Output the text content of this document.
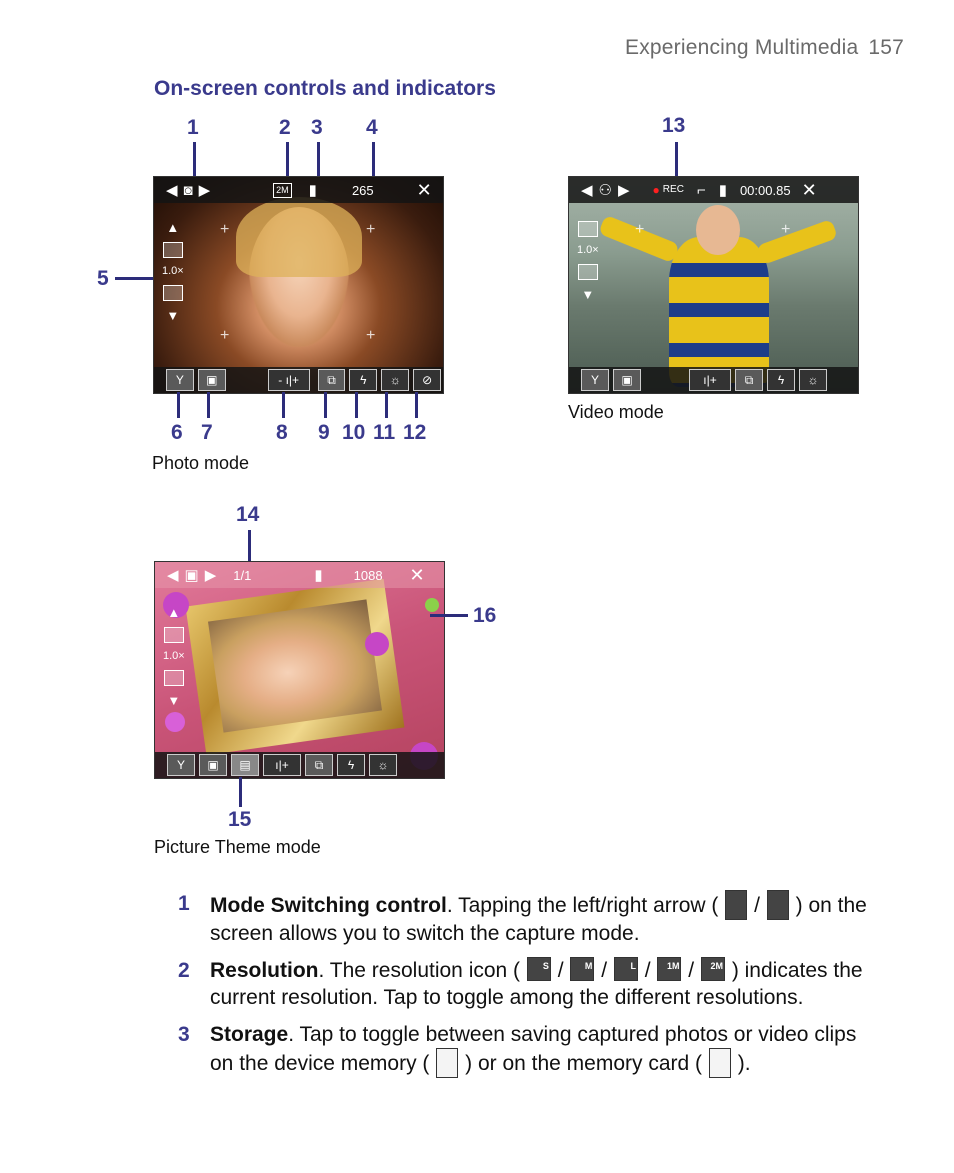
Experiencing Multimedia 157
On-screen controls and indicators
1	2 3 4
5
+	+
+	+
◀ ◙ ▶	2M ▮	265 ✕
▲
1.0×
▼
Y	▣	- ı|+	⧉	ϟ	☼	⊘
6 7	8 9 10 11 12
Photo mode
13
+	+
◀ ⚇ ▶ ● REC ⌐ ▮ 00:00.85 ✕
1.0×
▼
Y	▣	ı|+	⧉	ϟ	☼
Video mode
14
◀ ▣ ▶ 1/1	▮ 1088 ✕
▲
1.0×
▼
Y	▣	▤	ı|+	⧉	ϟ	☼
16
15
Picture Theme mode
1 Mode Switching control. Tapping the left/right arrow ( / ) on the screen allows you to switch the capture mode.
2 Resolution. The resolution icon (	S / M / L / 1M / 2M ) indicates the current resolution. Tap to toggle among the different resolutions.
3 Storage. Tap to toggle between saving captured photos or video clips on the device memory ( ) or on the memory card ( ).
